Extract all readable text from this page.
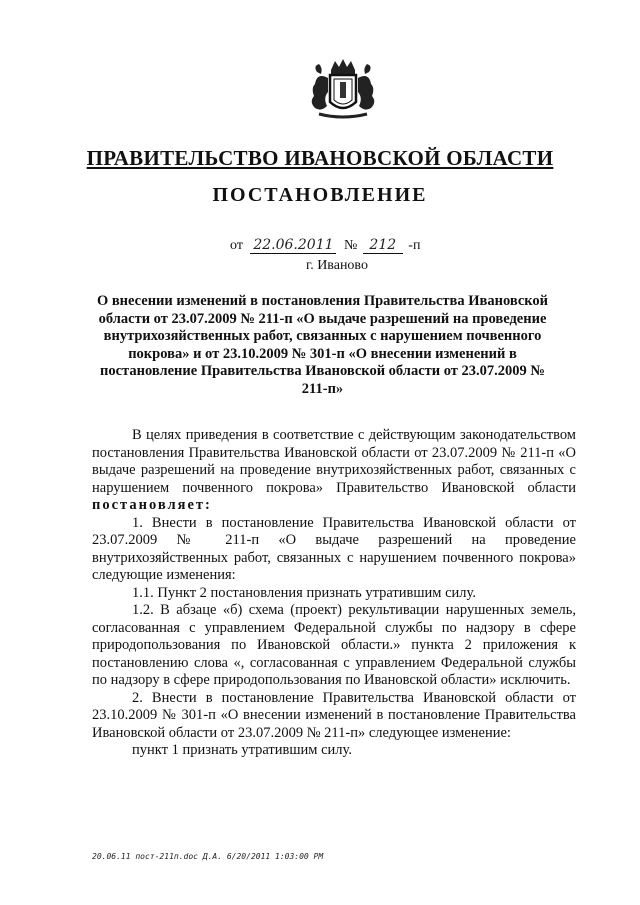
ПРАВИТЕЛЬСТВО ИВАНОВСКОЙ ОБЛАСТИ
ПОСТАНОВЛЕНИЕ
от 22.06.2011 № 212 -п
г. Иваново
О внесении изменений в постановления Правительства Ивановской области от 23.07.2009 № 211-п «О выдаче разрешений на проведение внутрихозяйственных работ, связанных с нарушением почвенного покрова» и от 23.10.2009 № 301-п «О внесении изменений в постановление Правительства Ивановской области от 23.07.2009 № 211-п»

В целях приведения в соответствие с действующим законодательством постановления Правительства Ивановской области от 23.07.2009 № 211-п «О выдаче разрешений на проведение внутрихозяйственных работ, связанных с нарушением почвенного покрова» Правительство Ивановской области постановляет:

1. Внести в постановление Правительства Ивановской области от 23.07.2009 № 211-п «О выдаче разрешений на проведение внутрихозяйственных работ, связанных с нарушением почвенного покрова» следующие изменения:

1.1. Пункт 2 постановления признать утратившим силу.

1.2. В абзаце «б) схема (проект) рекультивации нарушенных земель, согласованная с управлением Федеральной службы по надзору в сфере природопользования по Ивановской области.» пункта 2 приложения к постановлению слова «, согласованная с управлением Федеральной службы по надзору в сфере природопользования по Ивановской области» исключить.

2. Внести в постановление Правительства Ивановской области от 23.10.2009 № 301-п «О внесении изменений в постановление Правительства Ивановской области от 23.07.2009 № 211-п» следующее изменение:

пункт 1 признать утратившим силу.

20.06.11 пост-211п.doc Д.А. 6/20/2011 1:03:00 PM
